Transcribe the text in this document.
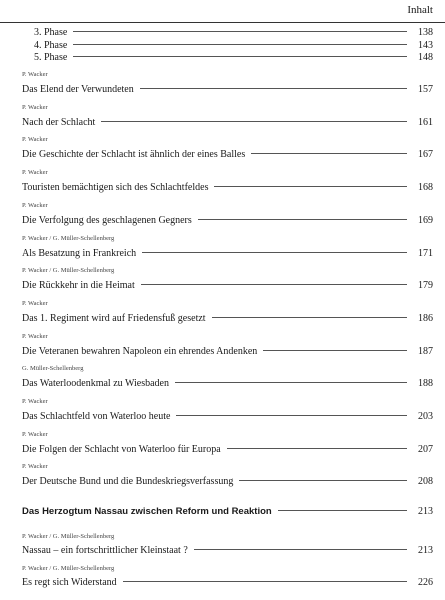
Inhalt
3. Phase	138
4. Phase	143
5. Phase	148
P. Wacker
Das Elend der Verwundeten	157
P. Wacker
Nach der Schlacht	161
P. Wacker
Die Geschichte der Schlacht ist ähnlich der eines Balles	167
P. Wacker
Touristen bemächtigen sich des Schlachtfeldes	168
P. Wacker
Die Verfolgung des geschlagenen Gegners	169
P. Wacker / G. Müller-Schellenberg
Als Besatzung in Frankreich	171
P. Wacker / G. Müller-Schellenberg
Die Rückkehr in die Heimat	179
P. Wacker
Das 1. Regiment wird auf Friedensfuß gesetzt	186
P. Wacker
Die Veteranen bewahren Napoleon ein ehrendes Andenken	187
G. Müller-Schellenberg
Das Waterloodenkmal zu Wiesbaden	188
P. Wacker
Das Schlachtfeld von Waterloo heute	203
P. Wacker
Die Folgen der Schlacht von Waterloo für Europa	207
P. Wacker
Der Deutsche Bund und die Bundeskriegsverfassung	208
Das Herzogtum Nassau zwischen Reform und Reaktion	213
P. Wacker / G. Müller-Schellenberg
Nassau – ein fortschrittlicher Kleinstaat ?	213
P. Wacker / G. Müller-Schellenberg
Es regt sich Widerstand	226
